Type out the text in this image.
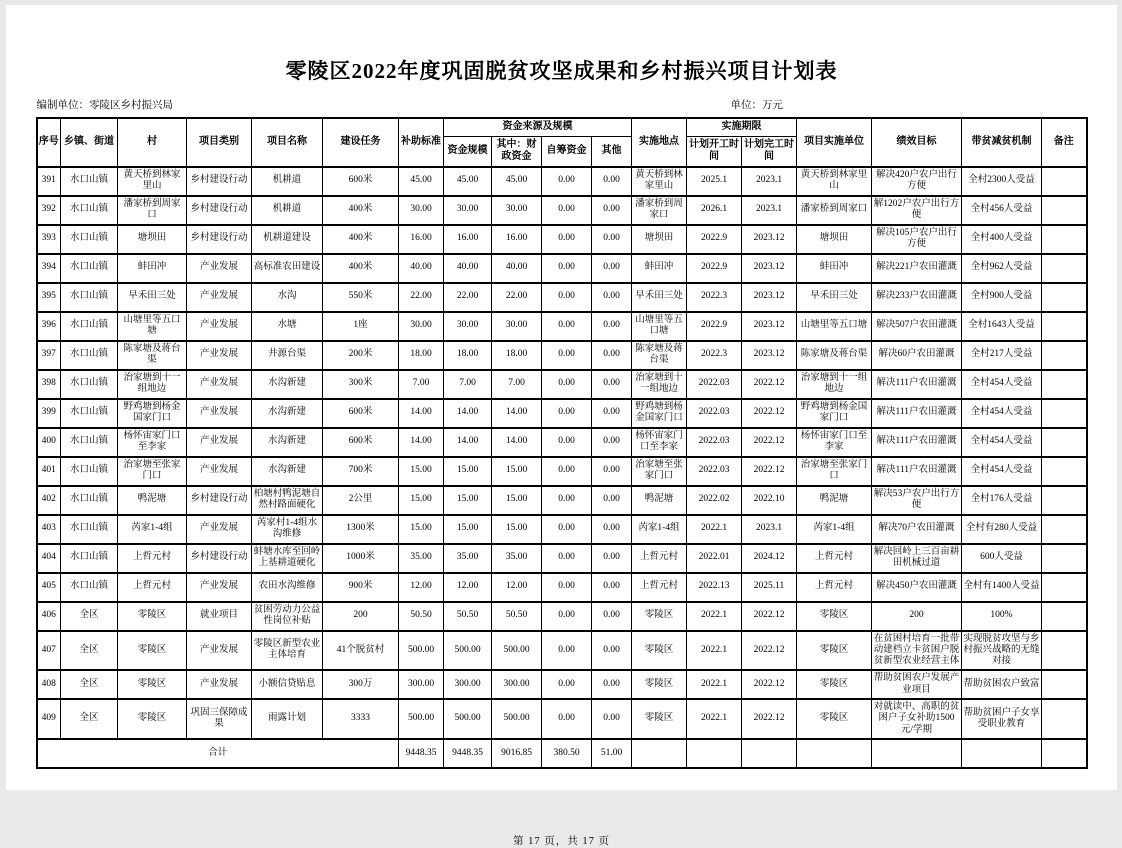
零陵区2022年度巩固脱贫攻坚成果和乡村振兴项目计划表
编制单位：零陵区乡村振兴局	单位：万元
序号	乡镇、街道	村	项目类别	项目名称	建设任务	补助标准	资金来源及规模				实施地点	实施期限		项目实施单位	绩效目标	带贫减贫机制	备注
							资金规模	其中：财政资金	自筹资金	其他		计划开工时间	计划完工时间				
391	水口山镇	黄天桥到林家里山	乡村建设行动	机耕道	600米	45.00	45.00	45.00	0.00	0.00	黄天桥到林家里山	2025.1	2023.1	黄天桥到林家里山	解决420户农户出行方便	全村2300人受益	
392	水口山镇	潘家桥到周家口	乡村建设行动	机耕道	400米	30.00	30.00	30.00	0.00	0.00	潘家桥到周家口	2026.1	2023.1	潘家桥到周家口	解1202户农户出行方便	全村456人受益	
393	水口山镇	塘坝田	乡村建设行动	机耕道建设	400米	16.00	16.00	16.00	0.00	0.00	塘坝田	2022.9	2023.12	塘坝田	解决105户农户出行方便	全村400人受益	
394	水口山镇	蚌田冲	产业发展	高标准农田建设	400米	40.00	40.00	40.00	0.00	0.00	蚌田冲	2022.9	2023.12	蚌田冲	解决221户农田灌溉	全村962人受益	
395	水口山镇	早禾田三处	产业发展	水沟	550米	22.00	22.00	22.00	0.00	0.00	早禾田三处	2022.3	2023.12	早禾田三处	解决233户农田灌溉	全村900人受益	
396	水口山镇	山塘里等五口塘	产业发展	水塘	1座	30.00	30.00	30.00	0.00	0.00	山塘里等五口塘	2022.9	2023.12	山塘里等五口塘	解决507户农田灌溉	全村1643人受益	
397	水口山镇	陈家塘及蒋台渠	产业发展	井源台渠	200米	18.00	18.00	18.00	0.00	0.00	陈家塘及蒋台渠	2022.3	2023.12	陈家塘及蒋台渠	解决60户农田灌溉	全村217人受益	
398	水口山镇	治家塘到十一组地边	产业发展	水沟新建	300米	7.00	7.00	7.00	0.00	0.00	治家塘到十一组地边	2022.03	2022.12	治家塘到十一组地边	解决111户农田灌溉	全村454人受益	
399	水口山镇	野鸡塘到杨金国家门口	产业发展	水沟新建	600米	14.00	14.00	14.00	0.00	0.00	野鸡塘到杨金国家门口	2022.03	2022.12	野鸡塘到杨金国家门口	解决111户农田灌溉	全村454人受益	
400	水口山镇	杨怀宙家门口至李家	产业发展	水沟新建	600米	14.00	14.00	14.00	0.00	0.00	杨怀宙家门口至李家	2022.03	2022.12	杨怀宙家门口至李家	解决111户农田灌溉	全村454人受益	
401	水口山镇	治家塘至张家门口	产业发展	水沟新建	700米	15.00	15.00	15.00	0.00	0.00	治家塘至张家门口	2022.03	2022.12	治家塘至张家门口	解决111户农田灌溉	全村454人受益	
402	水口山镇	鸭泥塘	乡村建设行动	柏塘村鸭泥塘自然村路面硬化	2公里	15.00	15.00	15.00	0.00	0.00	鸭泥塘	2022.02	2022.10	鸭泥塘	解决53户农户出行方便	全村176人受益	
403	水口山镇	芮家1-4组	产业发展	芮家村1-4组水沟维修	1300米	15.00	15.00	15.00	0.00	0.00	芮家1-4组	2022.1	2023.1	芮家1-4组	解决70户农田灌溉	全村有280人受益	
404	水口山镇	上哲元村	乡村建设行动	蚌塘水库至回岭上基耕道硬化	1000米	35.00	35.00	35.00	0.00	0.00	上哲元村	2022.01	2024.12	上哲元村	解决回岭上三百亩耕田机械过道	600人受益	
405	水口山镇	上哲元村	产业发展	农田水沟维修	900米	12.00	12.00	12.00	0.00	0.00	上哲元村	2022.13	2025.11	上哲元村	解决450户农田灌溉	全村有1400人受益	
406	全区	零陵区	就业项目	贫困劳动力公益性岗位补贴	200	50.50	50.50	50.50	0.00	0.00	零陵区	2022.1	2022.12	零陵区	200	100%	
407	全区	零陵区	产业发展	零陵区新型农业主体培育	41个脱贫村	500.00	500.00	500.00	0.00	0.00	零陵区	2022.1	2022.12	零陵区	在贫困村培育一批带动建档立卡贫困户脱贫新型农业经营主体	实现脱贫攻坚与乡村振兴战略的无缝对接	
408	全区	零陵区	产业发展	小额信贷贴息	300万	300.00	300.00	300.00	0.00	0.00	零陵区	2022.1	2022.12	零陵区	帮助贫困农户发展产业项目	帮助贫困农户致富	
409	全区	零陵区	巩固三保障成果	雨露计划	3333	500.00	500.00	500.00	0.00	0.00	零陵区	2022.1	2022.12	零陵区	对就读中、高职的贫困户子女补助1500元/学期	帮助贫困户子女享受职业教育	
合计						9448.35	9448.35	9016.85	380.50	51.00							
第 17 页，共 17 页
